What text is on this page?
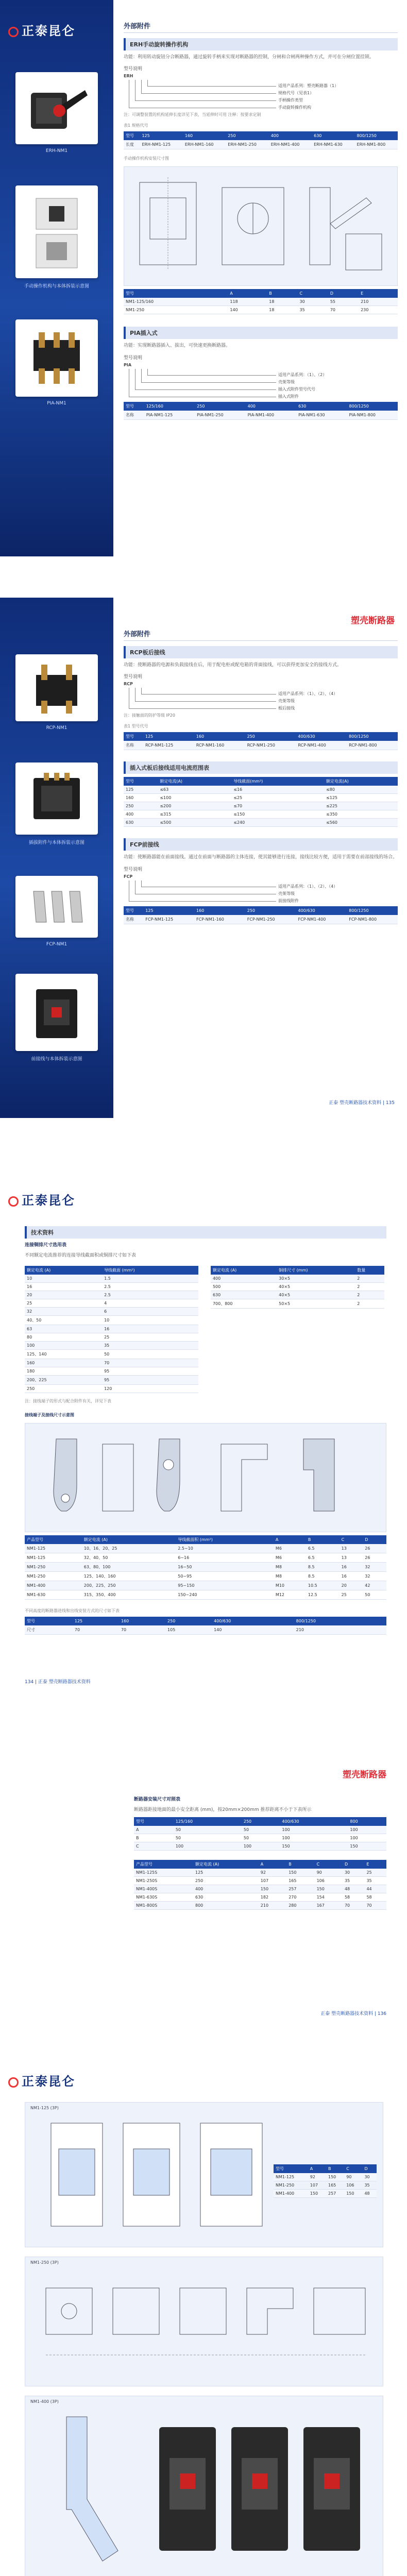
正泰昆仑
ERH-NM1
手动操作机构与本体拆装示意图
PIA-NM1
外部附件
ERH手动旋转操作机构
功能：利用转动旋钮分合断路器，通过旋转手柄来实现对断路器的控制，分闸和合闸两种操作方式，并可在分闸位置挂锁。
型号说明
ERH
适用产品系列：塑壳断路器（1）
规格代号（见表1）
手柄操作类型
手动旋转操作机构
注：可调整装置的机构延伸长度详见下表，当延伸时可用 注释：按要求定制
表1 规格代号
型号	125	160	250	400	630	800/1250
长度	ERH-NM1-125	ERH-NM1-160	ERH-NM1-250	ERH-NM1-400	ERH-NM1-630	ERH-NM1-800
手动操作机构安装尺寸图
型号	A	B	C	D	E
NM1-125/160	118	18	30	55	210
NM1-250	140	18	35	70	230
PIA插入式
功能：实现断路器插入、拔出，可快速更换断路器。
型号说明
PIA
适用产品系列：（1）、（2）
壳架等级
插入式附件型号代号
插入式附件
型号	125/160	250	400	630	800/1250
名称	PIA-NM1-125	PIA-NM1-250	PIA-NM1-400	PIA-NM1-630	PIA-NM1-800
RCP-NM1
插拔附件与本体拆装示意图
FCP-NM1
前接线与本体拆装示意图
塑壳断路器
外部附件
RCP板后接线
功能：使断路器的电源和负载接线在后，用于配电柜或配电箱的背面接线，可以获得更加安全的接线方式。
型号说明
RCP
适用产品系列：（1）、（2）、（4）
壳架等级
板后接线
注：接触面的防护等级 IP20
表1 型号代号
型号	125	160	250	400/630	800/1250
名称	RCP-NM1-125	RCP-NM1-160	RCP-NM1-250	RCP-NM1-400	RCP-NM1-800
插入式板后接线适用电流范围表
型号	额定电流(A)	导线截面(mm²)	额定电流(A)
125	≤63	≤16	≤80
160	≤100	≤25	≤125
250	≤200	≤70	≤225
400	≤315	≤150	≤350
630	≤500	≤240	≤560
FCP前接线
功能：使断路器能在前面接线。通过在前面与断路器的主体连接，使其能够进行连接，接线比较方便，适用于需要在前部接线的场合。
型号说明
FCP
适用产品系列：（1）、（2）、（4）
壳架等级
前接线附件
型号	125	160	250	400/630	800/1250
名称	FCP-NM1-125	FCP-NM1-160	FCP-NM1-250	FCP-NM1-400	FCP-NM1-800
正泰 塑壳断路器技术资料 | 135
正泰昆仑
技术资料
连接铜排尺寸选用表
不同额定电流推荐的连接导线截面积或铜排尺寸如下表
额定电流 (A)	导线截面 (mm²)
10	1.5
16	2.5
20	2.5
25	4
32	6
40、50	10
63	16
80	25
100	35
125、140	50
160	70
180	95
200、225	95
250	120
额定电流 (A)	铜排尺寸 (mm)	数量
400	30×5	2
500	40×5	2
630	40×5	2
700、800	50×5	2
注：接线端子的形式与配合附件有关，详见下表
接线端子及接线尺寸示意图
产品型号	额定电流 (A)	导线截面积 (mm²)	A	B	C	D
NM1-125	10、16、20、25	2.5~10	M6	6.5	13	26
NM1-125	32、40、50	6~16	M6	6.5	13	26
NM1-250	63、80、100	16~50	M8	8.5	16	32
NM1-250	125、140、160	50~95	M8	8.5	16	32
NM1-400	200、225、250	95~150	M10	10.5	20	42
NM1-630	315、350、400	150~240	M12	12.5	25	50
不同高度的断路器进线和出线安装方式的尺寸如下表
型号	125	160	250	400/630	800/1250
尺寸	70	70	105	140	210
134 | 正泰 塑壳断路器技术资料
塑壳断路器
断路器安装尺寸对照表
断路器距接地面的最小安全距离 (mm)，按20mm×200mm 推荐距离不小于下表所示
型号	125/160	250	400/630	800
A	50	50	100	100
B	50	50	100	100
C	100	100	150	150
产品型号	额定电流 (A)	A	B	C	D	E
NM1-125S	125	92	150	90	30	25
NM1-250S	250	107	165	106	35	35
NM1-400S	400	150	257	150	48	44
NM1-630S	630	182	270	154	58	58
NM1-800S	800	210	280	167	70	70
正泰 塑壳断路器技术资料 | 136
正泰昆仑
NM1-125 (3P)
型号	A	B	C	D
NM1-125	92	150	90	30
NM1-250	107	165	106	35
NM1-400	150	257	150	48
NM1-250 (3P)
NM1-400 (3P)
